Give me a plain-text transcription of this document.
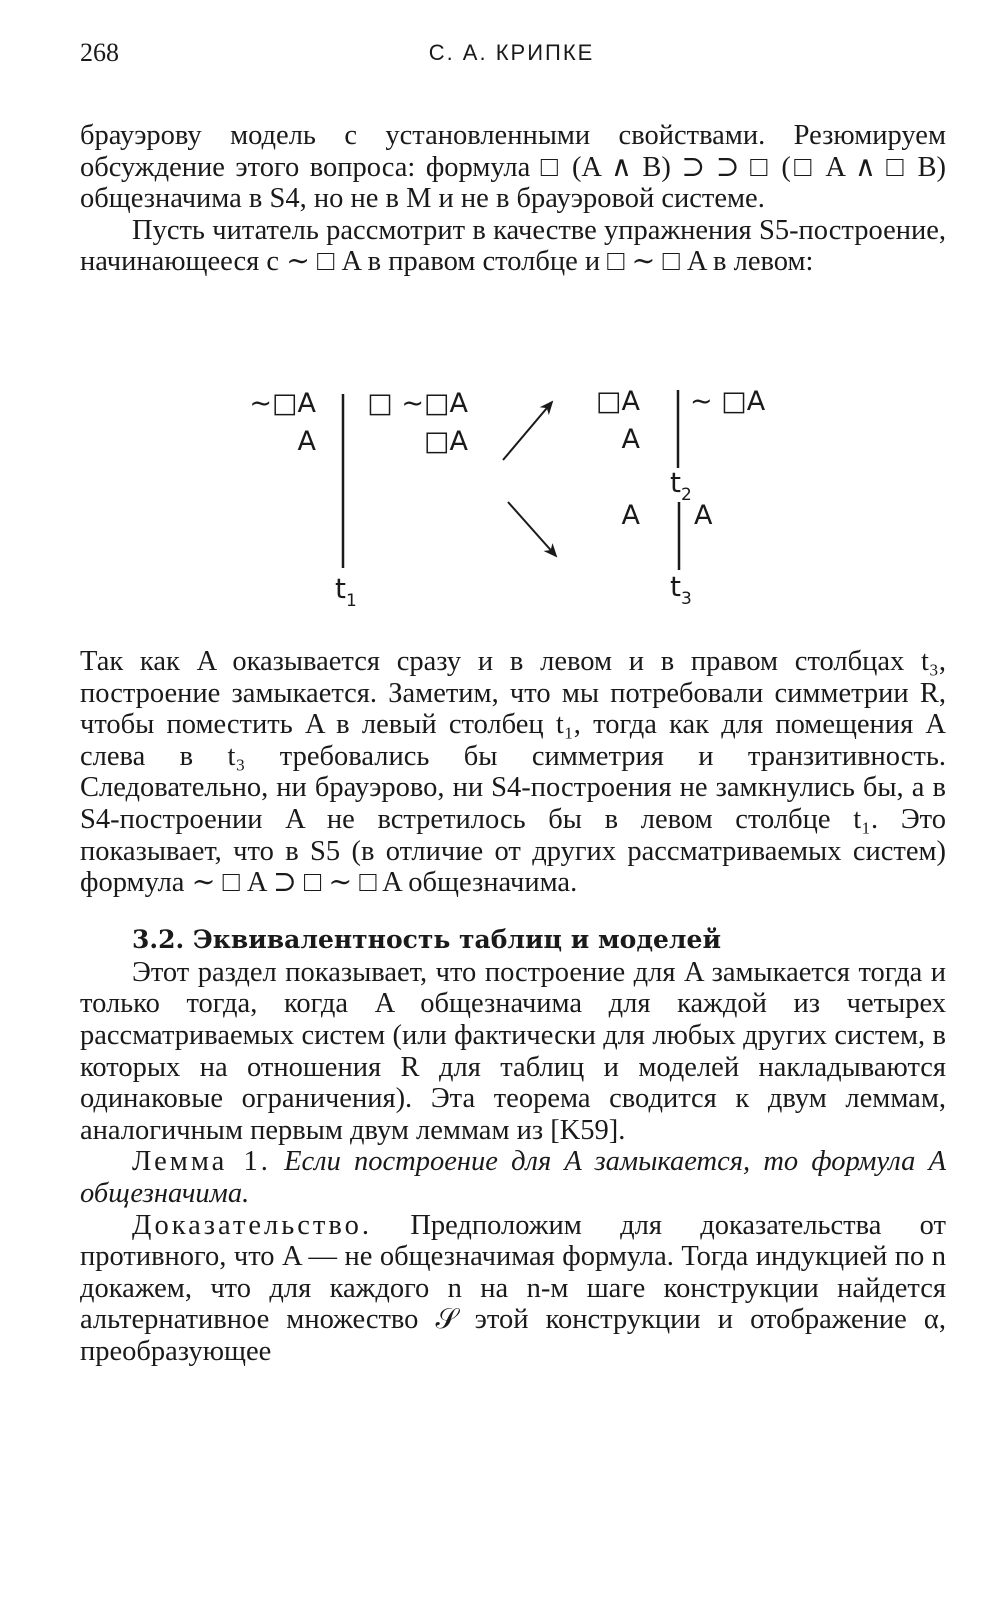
268	С. А. КРИПКЕ

брауэрову модель с установленными свойствами. Резюмируем обсуждение этого вопроса: формула □ (A ∧ B) ⊃ ⊃ □ (□ A ∧ □ B) общезначима в S4, но не в M и не в брауэровой системе.

Пусть читатель рассмотрит в качестве упражнения S5-построение, начинающееся с ∼ □ A в правом столбце и □ ∼ □ A в левом:

∼□A
A
□ ∼□A
□A
$t_1$
□A
A
∼ □A
$t_2$
A A
$t_3$

Так как A оказывается сразу и в левом и в правом столбцах t₃, построение замыкается. Заметим, что мы потребовали симметрии R, чтобы поместить A в левый столбец t₁, тогда как для помещения A слева в t₃ требовались бы симметрия и транзитивность. Следовательно, ни брауэрово, ни S4-построения не замкнулись бы, а в S4-построении A не встретилось бы в левом столбце t₁. Это показывает, что в S5 (в отличие от других рассматриваемых систем) формула ∼ □ A ⊃ □ ∼ □ A общезначима.

3.2. Эквивалентность таблиц и моделей

Этот раздел показывает, что построение для A замыкается тогда и только тогда, когда A общезначима для каждой из четырех рассматриваемых систем (или фактически для любых других систем, в которых на отношения R для таблиц и моделей накладываются одинаковые ограничения). Эта теорема сводится к двум леммам, аналогичным первым двум леммам из [K59].

Лемма 1. Если построение для A замыкается, то формула A общезначима.

Доказательство. Предположим для доказательства от противного, что A — не общезначимая формула. Тогда индукцией по n докажем, что для каждого n на n-м шаге конструкции найдется альтернативное множество 𝒮 этой конструкции и отображение α, преобразующее
